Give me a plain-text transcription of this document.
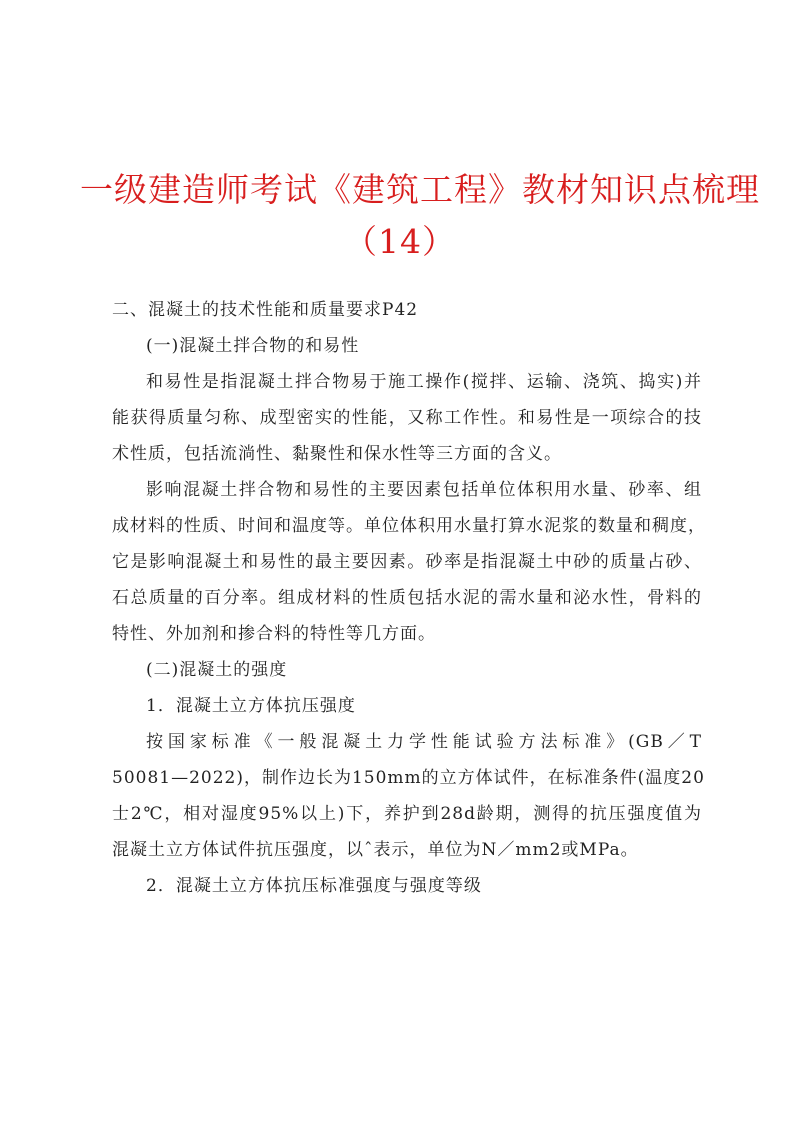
一级建造师考试《建筑工程》教材知识点梳理
（14）
二、混凝土的技术性能和质量要求P42
(一)混凝土拌合物的和易性
和易性是指混凝土拌合物易于施工操作(搅拌、运输、浇筑、捣实)并
能获得质量匀称、成型密实的性能，又称工作性。和易性是一项综合的技
术性质，包括流淌性、黏聚性和保水性等三方面的含义。
影响混凝土拌合物和易性的主要因素包括单位体积用水量、砂率、组
成材料的性质、时间和温度等。单位体积用水量打算水泥浆的数量和稠度，
它是影响混凝土和易性的最主要因素。砂率是指混凝土中砂的质量占砂、
石总质量的百分率。组成材料的性质包括水泥的需水量和泌水性，骨料的
特性、外加剂和掺合料的特性等几方面。
(二)混凝土的强度
1．混凝土立方体抗压强度
按国家标准《一般混凝土力学性能试验方法标准》(GB／T
50081—2022)，制作边长为150mm的立方体试件，在标准条件(温度20
士2℃，相对湿度95%以上)下，养护到28d龄期，测得的抗压强度值为
混凝土立方体试件抗压强度，以ˆ表示，单位为N／mm2或MPa。
2．混凝土立方体抗压标准强度与强度等级
